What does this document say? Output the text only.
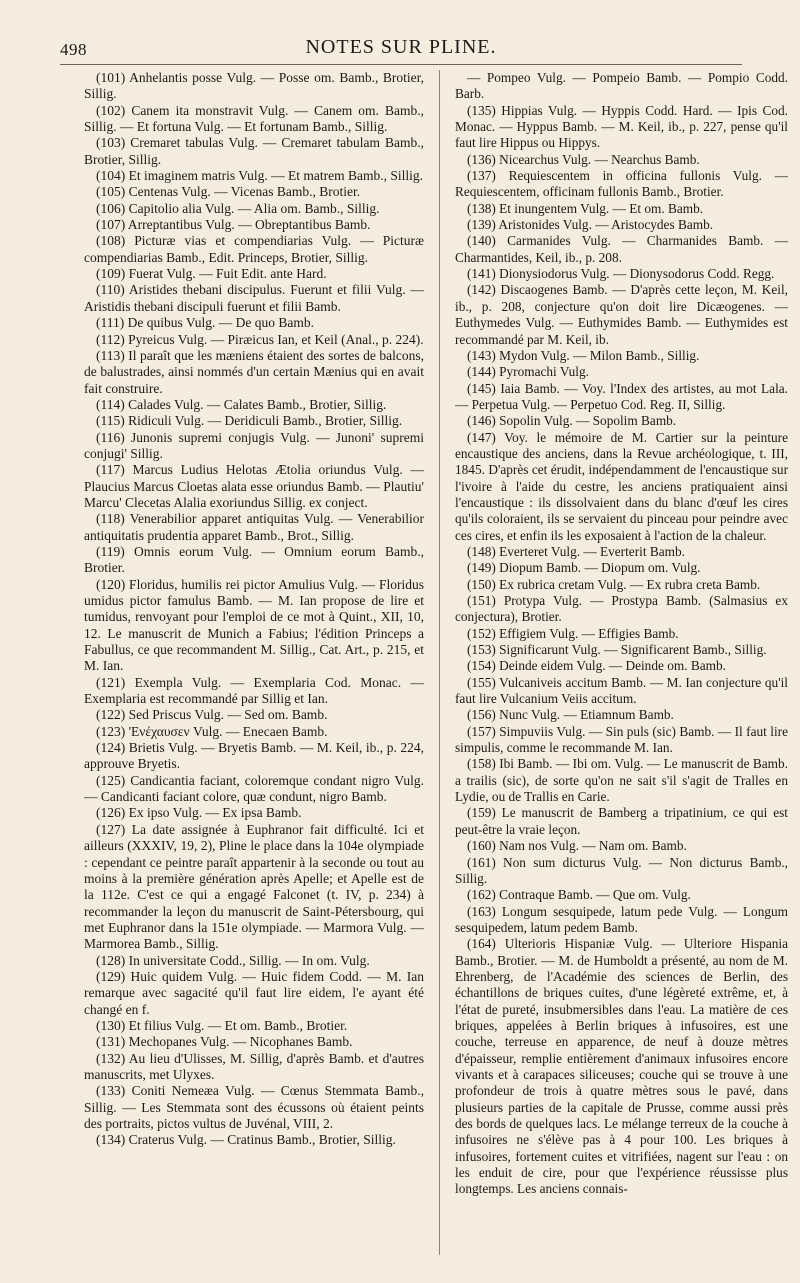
498	NOTES SUR PLINE.

(101) Anhelantis posse Vulg. — Posse om. Bamb., Brotier, Sillig.

(102) Canem ita monstravit Vulg. — Canem om. Bamb., Sillig. — Et fortuna Vulg. — Et fortunam Bamb., Sillig.

(103) Cremaret tabulas Vulg. — Cremaret tabulam Bamb., Brotier, Sillig.

(104) Et imaginem matris Vulg. — Et matrem Bamb., Sillig.

(105) Centenas Vulg. — Vicenas Bamb., Brotier.

(106) Capitolio alia Vulg. — Alia om. Bamb., Sillig.

(107) Arreptantibus Vulg. — Obreptantibus Bamb.

(108) Picturæ vias et compendiarias Vulg. — Picturæ compendiarias Bamb., Edit. Princeps, Brotier, Sillig.

(109) Fuerat Vulg. — Fuit Edit. ante Hard.

(110) Aristides thebani discipulus. Fuerunt et filii Vulg. — Aristidis thebani discipuli fuerunt et filii Bamb.

(111) De quibus Vulg. — De quo Bamb.

(112) Pyreicus Vulg. — Piræicus Ian, et Keil (Anal., p. 224).

(113) Il paraît que les mæniens étaient des sortes de balcons, de balustrades, ainsi nommés d'un certain Mænius qui en avait fait construire.

(114) Calades Vulg. — Calates Bamb., Brotier, Sillig.

(115) Ridiculi Vulg. — Deridiculi Bamb., Brotier, Sillig.

(116) Junonis supremi conjugis Vulg. — Junoni' supremi conjugi' Sillig.

(117) Marcus Ludius Helotas Ætolia oriundus Vulg. — Plaucius Marcus Cloetas alata esse oriundus Bamb. — Plautiu' Marcu' Clecetas Alalia exoriundus Sillig. ex conject.

(118) Venerabilior apparet antiquitas Vulg. — Venerabilior antiquitatis prudentia apparet Bamb., Brot., Sillig.

(119) Omnis eorum Vulg. — Omnium eorum Bamb., Brotier.

(120) Floridus, humilis rei pictor Amulius Vulg. — Floridus umidus pictor famulus Bamb. — M. Ian propose de lire et tumidus, renvoyant pour l'emploi de ce mot à Quint., XII, 10, 12. Le manuscrit de Munich a Fabius; l'édition Princeps a Fabullus, ce que recommandent M. Sillig., Cat. Art., p. 215, et M. Ian.

(121) Exempla Vulg. — Exemplaria Cod. Monac. — Exemplaria est recommandé par Sillig et Ian.

(122) Sed Priscus Vulg. — Sed om. Bamb.

(123) 'Ενέχαυσεν Vulg. — Enecaen Bamb.

(124) Brietis Vulg. — Bryetis Bamb. — M. Keil, ib., p. 224, approuve Bryetis.

(125) Candicantia faciant, coloremque condant nigro Vulg. — Candicanti faciant colore, quæ condunt, nigro Bamb.

(126) Ex ipso Vulg. — Ex ipsa Bamb.

(127) La date assignée à Euphranor fait difficulté. Ici et ailleurs (XXXIV, 19, 2), Pline le place dans la 104e olympiade : cependant ce peintre paraît appartenir à la seconde ou tout au moins à la première génération après Apelle; et Apelle est de la 112e. C'est ce qui a engagé Falconet (t. IV, p. 234) à recommander la leçon du manuscrit de Saint-Pétersbourg, qui met Euphranor dans la 151e olympiade. — Marmora Vulg. — Marmorea Bamb., Sillig.

(128) In universitate Codd., Sillig. — In om. Vulg.

(129) Huic quidem Vulg. — Huic fidem Codd. — M. Ian remarque avec sagacité qu'il faut lire eidem, l'e ayant été changé en f.

(130) Et filius Vulg. — Et om. Bamb., Brotier.

(131) Mechopanes Vulg. — Nicophanes Bamb.

(132) Au lieu d'Ulisses, M. Sillig, d'après Bamb. et d'autres manuscrits, met Ulyxes.

(133) Coniti Nemeæa Vulg. — Cœnus Stemmata Bamb., Sillig. — Les Stemmata sont des écussons où étaient peints des portraits, pictos vultus de Juvénal, VIII, 2.

(134) Craterus Vulg. — Cratinus Bamb., Brotier, Sillig.

— Pompeo Vulg. — Pompeio Bamb. — Pompio Codd. Barb.

(135) Hippias Vulg. — Hyppis Codd. Hard. — Ipis Cod. Monac. — Hyppus Bamb. — M. Keil, ib., p. 227, pense qu'il faut lire Hippus ou Hippys.

(136) Nicearchus Vulg. — Nearchus Bamb.

(137) Requiescentem in officina fullonis Vulg. — Requiescentem, officinam fullonis Bamb., Brotier.

(138) Et inungentem Vulg. — Et om. Bamb.

(139) Aristonides Vulg. — Aristocydes Bamb.

(140) Carmanides Vulg. — Charmanides Bamb. — Charmantides, Keil, ib., p. 208.

(141) Dionysiodorus Vulg. — Dionysodorus Codd. Regg.

(142) Discaogenes Bamb. — D'après cette leçon, M. Keil, ib., p. 208, conjecture qu'on doit lire Dicæogenes. — Euthymedes Vulg. — Euthymides Bamb. — Euthymides est recommandé par M. Keil, ib.

(143) Mydon Vulg. — Milon Bamb., Sillig.

(144) Pyromachi Vulg.

(145) Iaia Bamb. — Voy. l'Index des artistes, au mot Lala. — Perpetua Vulg. — Perpetuo Cod. Reg. II, Sillig.

(146) Sopolin Vulg. — Sopolim Bamb.

(147) Voy. le mémoire de M. Cartier sur la peinture encaustique des anciens, dans la Revue archéologique, t. III, 1845. D'après cet érudit, indépendamment de l'encaustique sur l'ivoire à l'aide du cestre, les anciens pratiquaient ainsi l'encaustique : ils dissolvaient dans du blanc d'œuf les cires qu'ils coloraient, ils se servaient du pinceau pour peindre avec ces cires, et enfin ils les exposaient à l'action de la chaleur.

(148) Everteret Vulg. — Everterit Bamb.

(149) Diopum Bamb. — Diopum om. Vulg.

(150) Ex rubrica cretam Vulg. — Ex rubra creta Bamb.

(151) Protypa Vulg. — Prostypa Bamb. (Salmasius ex conjectura), Brotier.

(152) Effigiem Vulg. — Effigies Bamb.

(153) Significarunt Vulg. — Significarent Bamb., Sillig.

(154) Deinde eidem Vulg. — Deinde om. Bamb.

(155) Vulcaniveis accitum Bamb. — M. Ian conjecture qu'il faut lire Vulcanium Veiis accitum.

(156) Nunc Vulg. — Etiamnum Bamb.

(157) Simpuviis Vulg. — Sin puls (sic) Bamb. — Il faut lire simpulis, comme le recommande M. Ian.

(158) Ibi Bamb. — Ibi om. Vulg. — Le manuscrit de Bamb. a trailis (sic), de sorte qu'on ne sait s'il s'agit de Tralles en Lydie, ou de Trallis en Carie.

(159) Le manuscrit de Bamberg a tripatinium, ce qui est peut-être la vraie leçon.

(160) Nam nos Vulg. — Nam om. Bamb.

(161) Non sum dicturus Vulg. — Non dicturus Bamb., Sillig.

(162) Contraque Bamb. — Que om. Vulg.

(163) Longum sesquipede, latum pede Vulg. — Longum sesquipedem, latum pedem Bamb.

(164) Ulterioris Hispaniæ Vulg. — Ulteriore Hispania Bamb., Brotier. — M. de Humboldt a présenté, au nom de M. Ehrenberg, de l'Académie des sciences de Berlin, des échantillons de briques cuites, d'une légèreté extrême, et, à l'état de pureté, insubmersibles dans l'eau. La matière de ces briques, appelées à Berlin briques à infusoires, est une couche, terreuse en apparence, de neuf à douze mètres d'épaisseur, remplie entièrement d'animaux infusoires encore vivants et à carapaces siliceuses; couche qui se trouve à une profondeur de trois à quatre mètres sous le pavé, dans plusieurs parties de la capitale de Prusse, comme aussi près des bords de quelques lacs. Le mélange terreux de la couche à infusoires ne s'élève pas à 4 pour 100. Les briques à infusoires, fortement cuites et vitrifiées, nagent sur l'eau : on les enduit de cire, pour que l'expérience réussisse plus longtemps. Les anciens connais-
